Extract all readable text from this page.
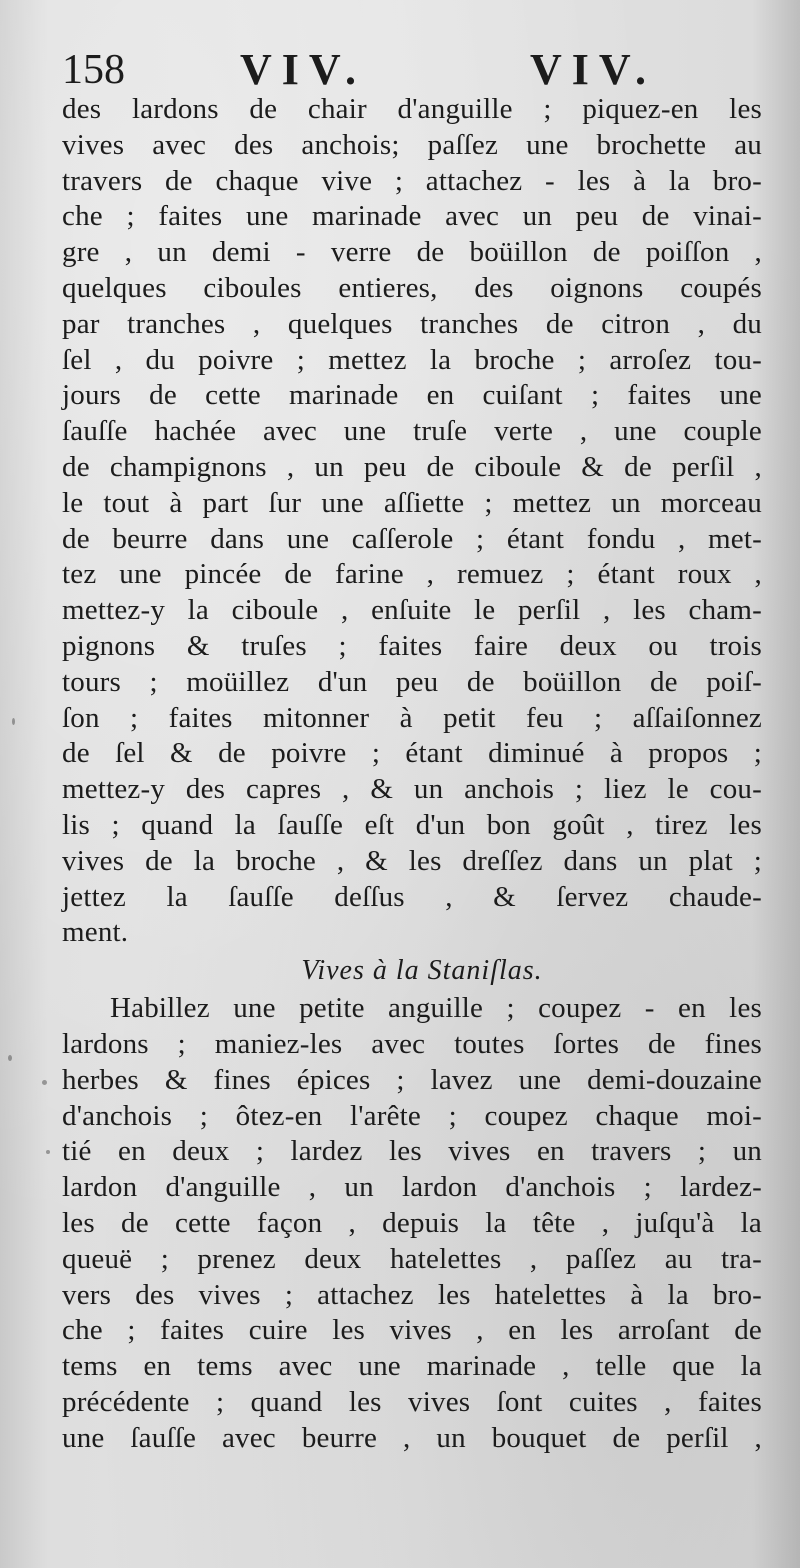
158	VIV.	VIV.
des lardons de chair d'anguille ; piquez-en les
vives avec des anchois; paſſez une brochette au
travers de chaque vive ; attachez - les à la bro-
che ; faites une marinade avec un peu de vinai-
gre , un demi - verre de boüillon de poiſſon ,
quelques ciboules entieres, des oignons coupés
par tranches , quelques tranches de citron , du
ſel , du poivre ; mettez la broche ; arroſez tou-
jours de cette marinade en cuiſant ; faites une
ſauſſe hachée avec une truſe verte , une couple
de champignons , un peu de ciboule & de perſil ,
le tout à part ſur une aſſiette ; mettez un morceau
de beurre dans une caſſerole ; étant fondu , met-
tez une pincée de farine , remuez ; étant roux ,
mettez-y la ciboule , enſuite le perſil , les cham-
pignons & truſes ; faites faire deux ou trois
tours ; moüillez d'un peu de boüillon de poiſ-
ſon ; faites mitonner à petit feu ; aſſaiſonnez
de ſel & de poivre ; étant diminué à propos ;
mettez-y des capres , & un anchois ; liez le cou-
lis ; quand la ſauſſe eſt d'un bon goût , tirez les
vives de la broche , & les dreſſez dans un plat ;
jettez la ſauſſe deſſus , & ſervez chaude-
ment.
Vives à la Staniſlas.
Habillez une petite anguille ; coupez - en les
lardons ; maniez-les avec toutes ſortes de fines
herbes & fines épices ; lavez une demi-douzaine
d'anchois ; ôtez-en l'arête ; coupez chaque moi-
tié en deux ; lardez les vives en travers ; un
lardon d'anguille , un lardon d'anchois ; lardez-
les de cette façon , depuis la tête , juſqu'à la
queuë ; prenez deux hatelettes , paſſez au tra-
vers des vives ; attachez les hatelettes à la bro-
che ; faites cuire les vives , en les arroſant de
tems en tems avec une marinade , telle que la
précédente ; quand les vives ſont cuites , faites
une ſauſſe avec beurre , un bouquet de perſil ,
